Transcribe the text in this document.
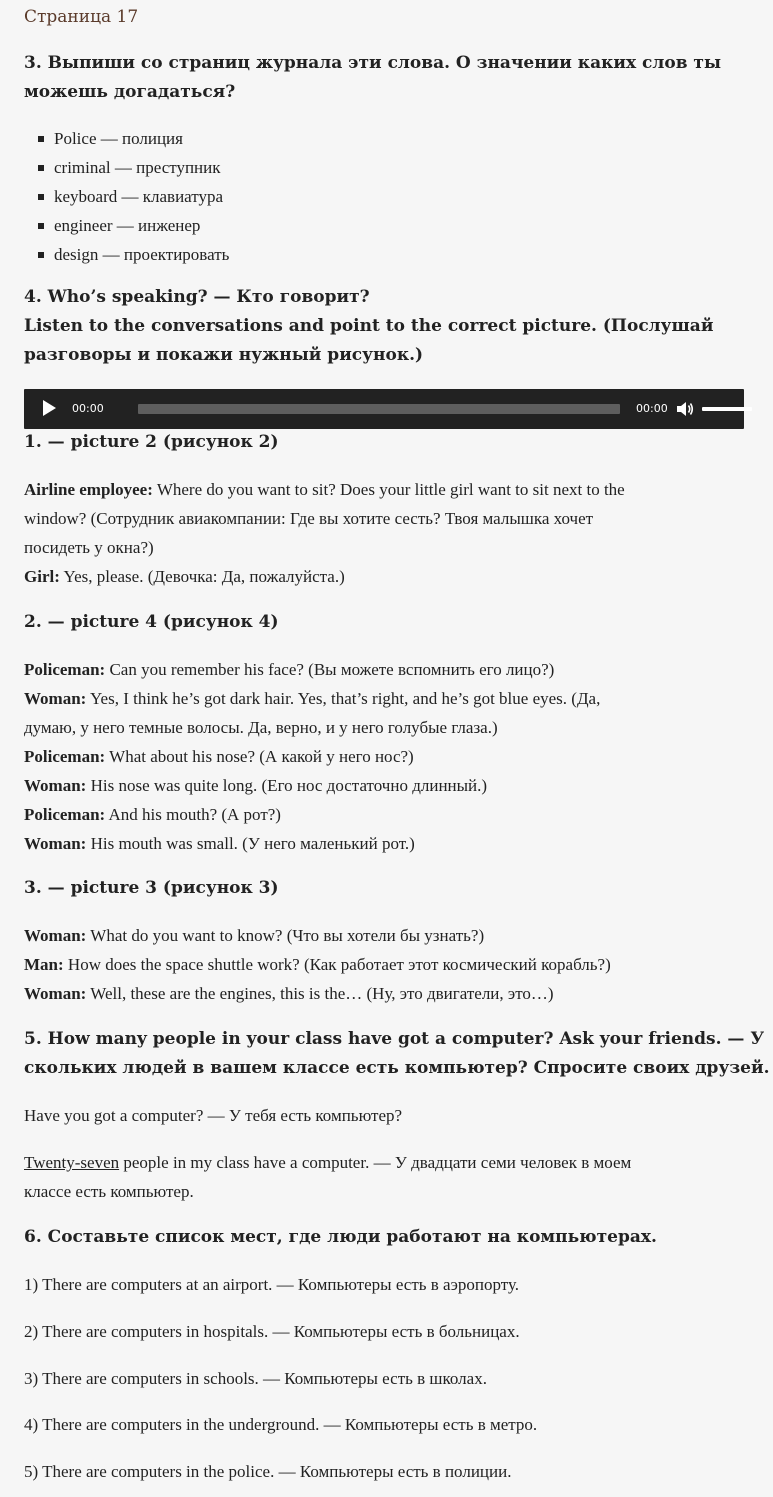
Страница 17
3. Выпиши со страниц журнала эти слова. О значении каких слов ты
можешь догадаться?
Police — полиция
criminal — преступник
keyboard — клавиатура
engineer — инженер
design — проектировать
4. Who’s speaking? — Кто говорит?
Listen to the conversations and point to the correct picture. (Послушай
разговоры и покажи нужный рисунок.)
00:00	00:00
1. — picture 2 (рисунок 2)
Airline employee: Where do you want to sit? Does your little girl want to sit next to the
window? (Сотрудник авиакомпании: Где вы хотите сесть? Твоя малышка хочет
посидеть у окна?)
Girl: Yes, please. (Девочка: Да, пожалуйста.)
2. — picture 4 (рисунок 4)
Policeman: Can you remember his face? (Вы можете вспомнить его лицо?)
Woman: Yes, I think he’s got dark hair. Yes, that’s right, and he’s got blue eyes. (Да,
думаю, у него темные волосы. Да, верно, и у него голубые глаза.)
Policeman: What about his nose? (А какой у него нос?)
Woman: His nose was quite long. (Его нос достаточно длинный.)
Policeman: And his mouth? (А рот?)
Woman: His mouth was small. (У него маленький рот.)
3. — picture 3 (рисунок 3)
Woman: What do you want to know? (Что вы хотели бы узнать?)
Man: How does the space shuttle work? (Как работает этот космический корабль?)
Woman: Well, these are the engines, this is the… (Ну, это двигатели, это…)
5. How many people in your class have got a computer? Ask your friends. — У
скольких людей в вашем классе есть компьютер? Спросите своих друзей.
Have you got a computer? — У тебя есть компьютер?
Twenty-seven people in my class have a computer. — У двадцати семи человек в моем
классе есть компьютер.
6. Составьте список мест, где люди работают на компьютерах.
1) There are computers at an airport. — Компьютеры есть в аэропорту.
2) There are computers in hospitals. — Компьютеры есть в больницах.
3) There are computers in schools. — Компьютеры есть в школах.
4) There are computers in the underground. — Компьютеры есть в метро.
5) There are computers in the police. — Компьютеры есть в полиции.
